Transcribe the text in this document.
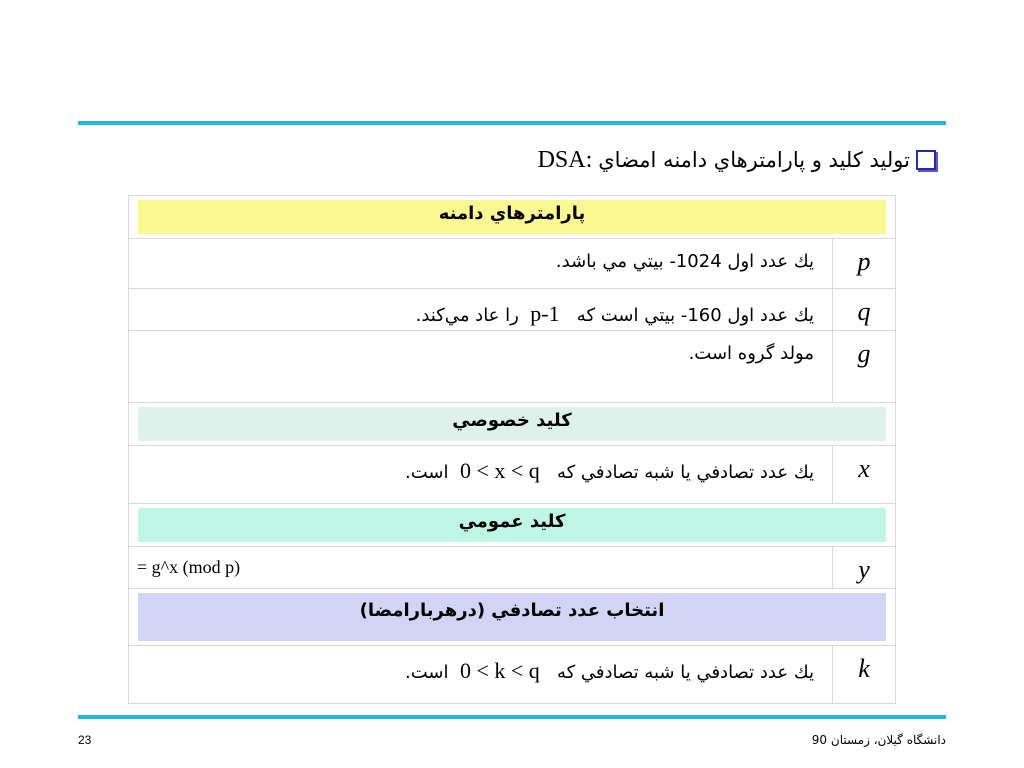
توليد كليد و پارامترهاي دامنه امضاي
DSA:
پارامترهاي دامنه	

يك عدد اول 1024- بيتي مي باشد.	p
يك عدد اول 160- بيتي است كه   p-1  را عاد مي‌كند.	q
مولد گروه است.	g

كليد خصوصي	

يك عدد تصادفي يا شبه تصادفي كه   0 < x < q  است.	x

كليد عمومي	

= g^x (mod p)	y

انتخاب عدد تصادفي (درهربارامضا)	

يك عدد تصادفي يا شبه تصادفي كه   0 < k < q  است.	k
23	دانشگاه گيلان، زمستان 90
